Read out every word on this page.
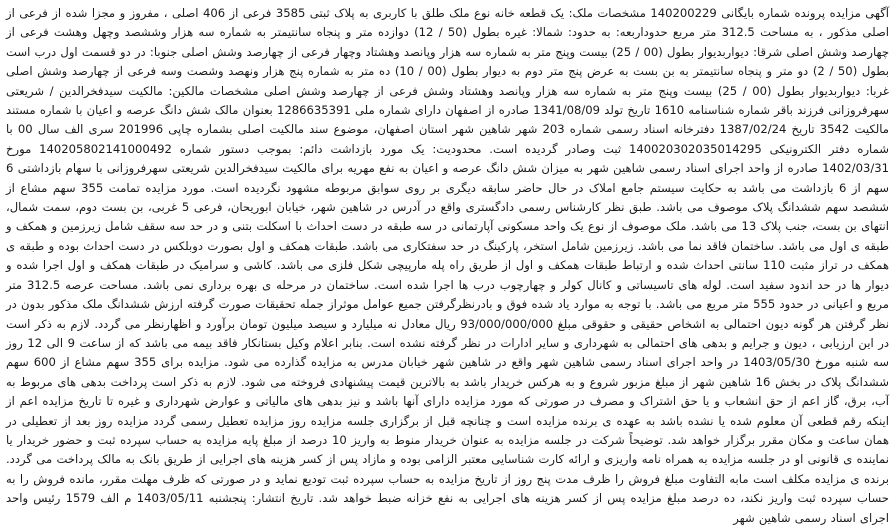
آگهی مزایده پرونده شماره بایگانی 140200229 مشخصات ملک: یک قطعه خانه نوع ملک طلق با کاربری به پلاک ثبتی 3585 فرعی از 406 اصلی ، مفروز و مجزا شده از فرعی از اصلی مذکور ، به مساحت 312.5 متر مربع حدوداربعه: به حدود: شمالا: غیره بطول (50 / 12) دوازده متر و پنجاه سانتیمتر به شماره سه هزار وششصد وچهل وهشت فرعی از چهارصد وشش اصلی شرقا: دیواربدیوار بطول (00 / 25) بیست وپنج متر به شماره سه هزار وپانصد وهشتاد وچهار فرعی از چهارصد وشش اصلی جنوبا: در دو قسمت اول درب است بطول (50 / 2) دو متر و پنجاه سانتیمتر به بن بست به عرض پنج متر دوم به دیوار بطول (00 / 10) ده متر به شماره پنج هزار ونهصد وشصت وسه فرعی از چهارصد وشش اصلی غربا: دیواربدیوار بطول (00 / 25) بیست وپنج متر به شماره سه هزار وپانصد وهشتاد وشش فرعی از چهارصد وشش اصلی مشخصات مالکین: مالکیت سیدفخرالدین / شریعتی سهرفروزانی فرزند باقر شماره شناسنامه 1610 تاریخ تولد 1341/08/09 صادره از اصفهان دارای شماره ملی 1286635391 بعنوان مالک شش دانگ عرصه و اعیان با شماره مستند مالکیت 3542 تاریخ 1387/02/24 دفترخانه اسناد رسمی شماره 203 شهر شاهین شهر استان اصفهان، موضوع سند مالکیت اصلی بشماره چاپی 201996 سری الف سال 00 با شماره دفتر الکترونیکی 140020302035014295 ثبت وصادر گردیده است. محدودیت: یک مورد بازداشت دائم: بموجب دستور شماره 140205802141000492 مورخ 1402/03/31 صادره از واحد اجرای اسناد رسمی شاهین شهر به میزان شش دانگ عرصه و اعیان به نفع مهریه برای مالکیت سیدفخرالدین شریعتی سهرفروزانی با سهام بازداشتی 6 سهم از 6 بازداشت می باشد به حکایت سیستم جامع املاک در حال حاضر سابقه دیگری بر روی سوابق مربوطه مشهود نگردیده است. مورد مزایده تمامت 355 سهم مشاع از ششصد سهم ششدانگ پلاک موصوف می باشد. طبق نظر کارشناس رسمی دادگستری واقع در آدرس در شاهین شهر، خیابان ابوریحان، فرعی 5 غربی، بن بست دوم، سمت شمال، انتهای بن بست، جنب پلاک 13 می باشد. ملک موصوف از نوع یک واحد مسکونی آپارتمانی در سه طبقه در دست احداث با اسکلت بتنی و در حد سه سقف شامل زیرزمین و همکف و طبقه ی اول می باشد. ساختمان فاقد نما می باشد. زیرزمین شامل استخر، پارکینگ در حد سفتکاری می باشد. طبقات همکف و اول بصورت دوبلکس در دست احداث بوده و طبقه ی همکف در تراز مثبت 110 سانتی احداث شده و ارتباط طبقات همکف و اول از طریق راه پله مارپیچی شکل فلزی می باشد. کاشی و سرامیک در طبقات همکف و اول اجرا شده و دیوار ها در حد اندود سفید است. لوله های تاسیساتی و کانال کولر و چهارچوب درب ها اجرا شده است. ساختمان در مرحله ی بهره برداری نمی باشد. مساحت عرصه 312.5 متر مربع و اعیانی در حدود 555 متر مربع می باشد. با توجه به موارد یاد شده فوق و بادرنظرگرفتن جمیع عوامل موثراز جمله تحقیقات صورت گرفته ارزش ششدانگ ملک مذکور بدون در نظر گرفتن هر گونه دیون احتمالی به اشخاص حقیقی و حقوقی مبلغ 93/000/000/000 ریال معادل نه میلیارد و سیصد میلیون تومان برآورد و اظهارنظر می گردد. لازم به ذکر است در این ارزیابی ، دیون و جرایم و بدهی های احتمالی به شهرداری و سایر ادارات در نظر گرفته نشده است. بنابر اعلام وکیل بستانکار فاقد بیمه می باشد که از ساعت 9 الی 12 روز سه شنبه مورخ 1403/05/30 در واحد اجرای اسناد رسمی شاهین شهر واقع در شاهین شهر خیابان مدرس به مزایده گذارده می شود. مزایده برای 355 سهم مشاع از 600 سهم ششدانگ پلاک در بخش 16 شاهین شهر از مبلغ مزبور شروع و به هرکس خریدار باشد به بالاترین قیمت پیشنهادی فروخته می شود. لازم به ذکر است پرداخت بدهی های مربوط به آب، برق، گاز اعم از حق انشعاب و یا حق اشتراک و مصرف در صورتی که مورد مزایده دارای آنها باشد و نیز بدهی های مالیاتی و عوارض شهرداری و غیره تا تاریخ مزایده اعم از اینکه رقم قطعی آن معلوم شده یا نشده باشد به عهده ی برنده مزایده است و چنانچه قبل از برگزاری جلسه مزایده روز مزایده تعطیل رسمی گردد مزایده روز بعد از تعطیلی در همان ساعت و مکان مقرر برگزار خواهد شد. توضیحاً شرکت در جلسه مزایده به عنوان خریدار منوط به واریز 10 درصد از مبلغ پایه مزایده به حساب سپرده ثبت و حضور خریدار یا نماینده ی قانونی او در جلسه مزایده به همراه نامه واریزی و ارائه کارت شناسایی معتبر الزامی بوده و مازاد پس از کسر هزینه های اجرایی از طریق بانک به مالک پرداخت می گردد. برنده ی مزایده مکلف است مابه التفاوت مبلغ فروش را ظرف مدت پنج روز از تاریخ مزایده به حساب سپرده ثبت تودیع نماید و در صورتی که ظرف مهلت مقرر، مانده فروش را به حساب سپرده ثبت واریز نکند، ده درصد مبلغ مزایده پس از کسر هزینه های اجرایی به نفع خزانه ضبط خواهد شد. تاریخ انتشار: پنجشنبه 1403/05/11 م الف 1579 رئیس واحد اجرای اسناد رسمی شاهین شهر
